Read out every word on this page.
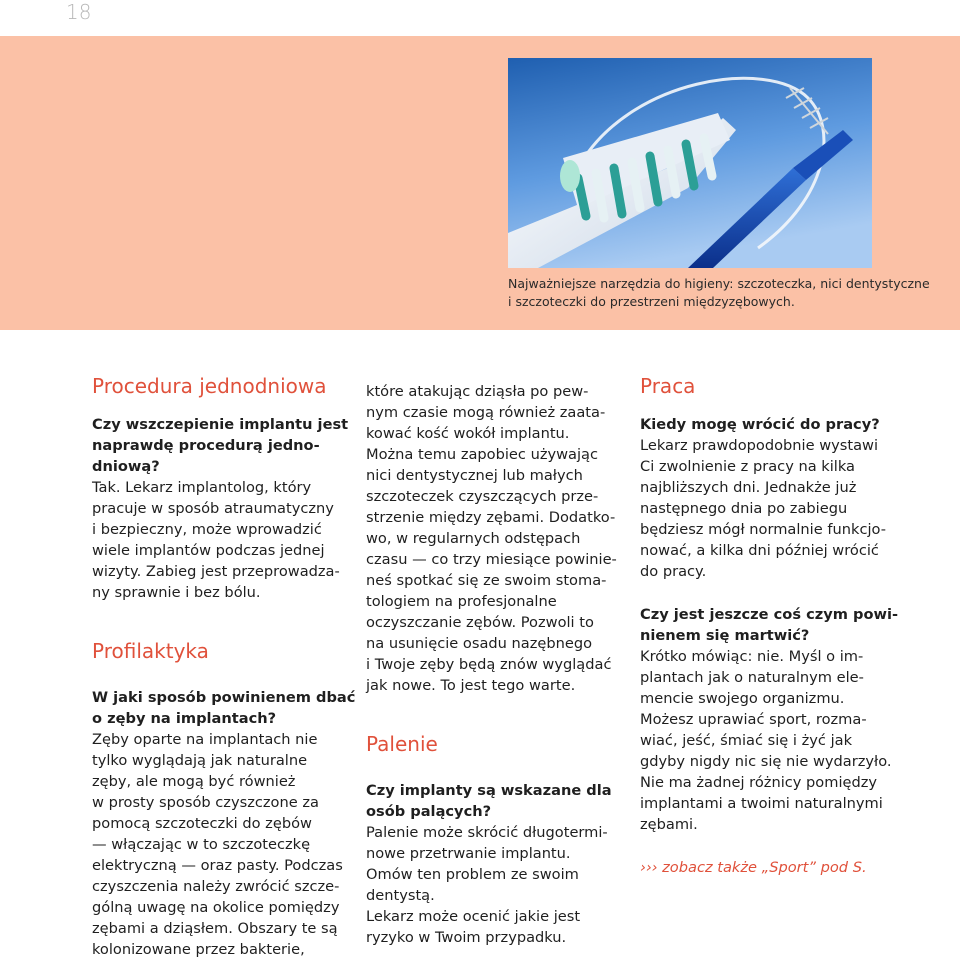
18
Najważniejsze narzędzia do higieny: szczoteczka, nici dentystyczne
i szczoteczki do przestrzeni międzyzębowych.
Procedura jednodniowa
Czy wszczepienie implantu jest
naprawdę procedurą jedno-
dniową?
Tak. Lekarz implantolog, który
pracuje w sposób atraumatyczny
i bezpieczny, może wprowadzić
wiele implantów podczas jednej
wizyty. Zabieg jest przeprowadza-
ny sprawnie i bez bólu.
Profilaktyka
W jaki sposób powinienem dbać
o zęby na implantach?
Zęby oparte na implantach nie
tylko wyglądają jak naturalne
zęby, ale mogą być również
w prosty sposób czyszczone za
pomocą szczoteczki do zębów
— włączając w to szczoteczkę
elektryczną — oraz pasty. Podczas
czyszczenia należy zwrócić szcze-
gólną uwagę na okolice pomiędzy
zębami a dziąsłem. Obszary te są
kolonizowane przez bakterie,
które atakując dziąsła po pew-
nym czasie mogą również zaata-
kować kość wokół implantu.
Można temu zapobiec używając
nici dentystycznej lub małych
szczoteczek czyszczących prze-
strzenie między zębami. Dodatko-
wo, w regularnych odstępach
czasu — co trzy miesiące powinie-
neś spotkać się ze swoim stoma-
tologiem na profesjonalne
oczyszczanie zębów. Pozwoli to
na usunięcie osadu nazębnego
i Twoje zęby będą znów wyglądać
jak nowe. To jest tego warte.
Palenie
Czy implanty są wskazane dla
osób palących?
Palenie może skrócić długotermi-
nowe przetrwanie implantu.
Omów ten problem ze swoim
dentystą.
Lekarz może ocenić jakie jest
ryzyko w Twoim przypadku.
Praca
Kiedy mogę wrócić do pracy?
Lekarz prawdopodobnie wystawi
Ci zwolnienie z pracy na kilka
najbliższych dni. Jednakże już
następnego dnia po zabiegu
będziesz mógł normalnie funkcjo-
nować, a kilka dni później wrócić
do pracy.
Czy jest jeszcze coś czym powi-
nienem się martwić?
Krótko mówiąc: nie. Myśl o im-
plantach jak o naturalnym ele-
mencie swojego organizmu.
Możesz uprawiać sport, rozma-
wiać, jeść, śmiać się i żyć jak
gdyby nigdy nic się nie wydarzyło.
Nie ma żadnej różnicy pomiędzy
implantami a twoimi naturalnymi
zębami.
››› zobacz także „Sport” pod S.
